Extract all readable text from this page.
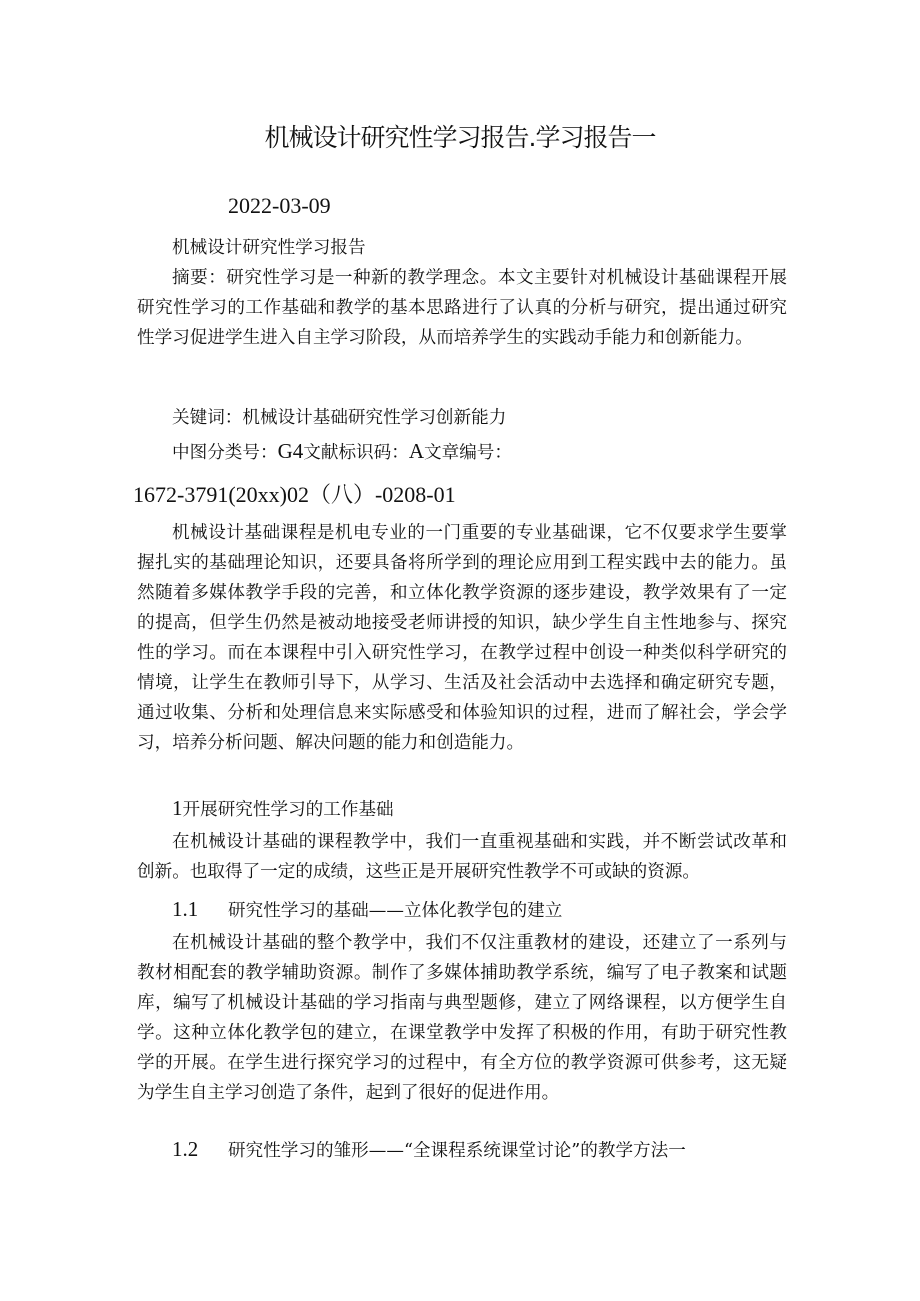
机械设计研究性学习报告.学习报告一
2022-03-09

机械设计研究性学习报告

摘要：研究性学习是一种新的教学理念。本文主要针对机械设计基础课程开展研究性学习的工作基础和教学的基本思路进行了认真的分析与研究，提出通过研究性学习促进学生进入自主学习阶段，从而培养学生的实践动手能力和创新能力。

关键词：机械设计基础研究性学习创新能力

中图分类号：G4文献标识码：A文章编号：

1672-3791(20xx)02（八）-0208-01

机械设计基础课程是机电专业的一门重要的专业基础课，它不仅要求学生要掌握扎实的基础理论知识，还要具备将所学到的理论应用到工程实践中去的能力。虽然随着多媒体教学手段的完善，和立体化教学资源的逐步建设，教学效果有了一定的提高，但学生仍然是被动地接受老师讲授的知识，缺少学生自主性地参与、探究性的学习。而在本课程中引入研究性学习，在教学过程中创设一种类似科学研究的情境，让学生在教师引导下，从学习、生活及社会活动中去选择和确定研究专题，通过收集、分析和处理信息来实际感受和体验知识的过程，进而了解社会，学会学习，培养分析问题、解决问题的能力和创造能力。

1开展研究性学习的工作基础

在机械设计基础的课程教学中，我们一直重视基础和实践，并不断尝试改革和创新。也取得了一定的成绩，这些正是开展研究性教学不可或缺的资源。

1.1 研究性学习的基础——立体化教学包的建立

在机械设计基础的整个教学中，我们不仅注重教材的建设，还建立了一系列与教材相配套的教学辅助资源。制作了多媒体捕助教学系统，编写了电子教案和试题库，编写了机械设计基础的学习指南与典型题修，建立了网络课程，以方便学生自学。这种立体化教学包的建立，在课堂教学中发挥了积极的作用，有助于研究性教学的开展。在学生进行探究学习的过程中，有全方位的教学资源可供参考，这无疑为学生自主学习创造了条件，起到了很好的促进作用。

1.2 研究性学习的雏形——“全课程系统课堂讨论”的教学方法一
